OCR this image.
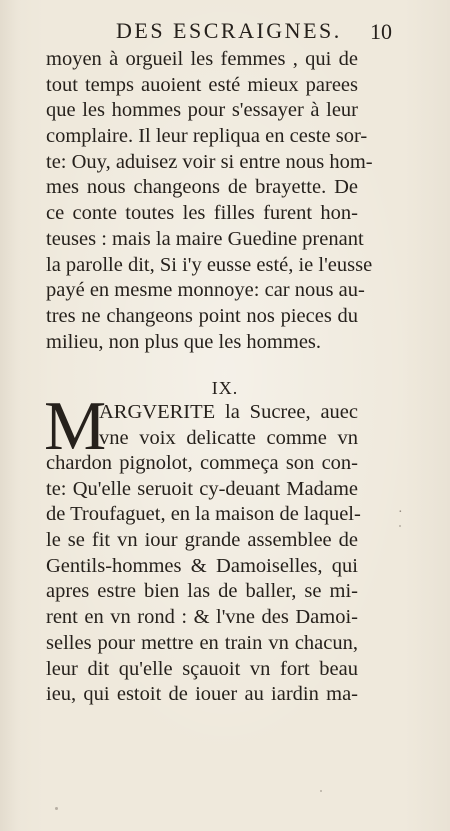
DES ESCRAIGNES. 10
moyen à orgueil les femmes , qui de
tout temps auoient esté mieux parees
que les hommes pour s'essayer à leur
complaire. Il leur repliqua en ceste sor-
te: Ouy, aduisez voir si entre nous hom-
mes nous changeons de brayette. De
ce conte toutes les filles furent hon-
teuses : mais la maire Guedine prenant
la parolle dit, Si i'y eusse esté, ie l'eusse
payé en mesme monnoye: car nous au-
tres ne changeons point nos pieces du
milieu, non plus que les hommes.
IX.
M
ARGVERITE la Sucree, auec
vne voix delicatte comme vn
chardon pignolot, commeça son con-
te: Qu'elle seruoit cy-deuant Madame
de Troufaguet, en la maison de laquel-
le se fit vn iour grande assemblee de
Gentils-hommes & Damoiselles, qui
apres estre bien las de baller, se mi-
rent en vn rond : & l'vne des Damoi-
selles pour mettre en train vn chacun,
leur dit qu'elle sçauoit vn fort beau
ieu, qui estoit de iouer au iardin ma-
·
